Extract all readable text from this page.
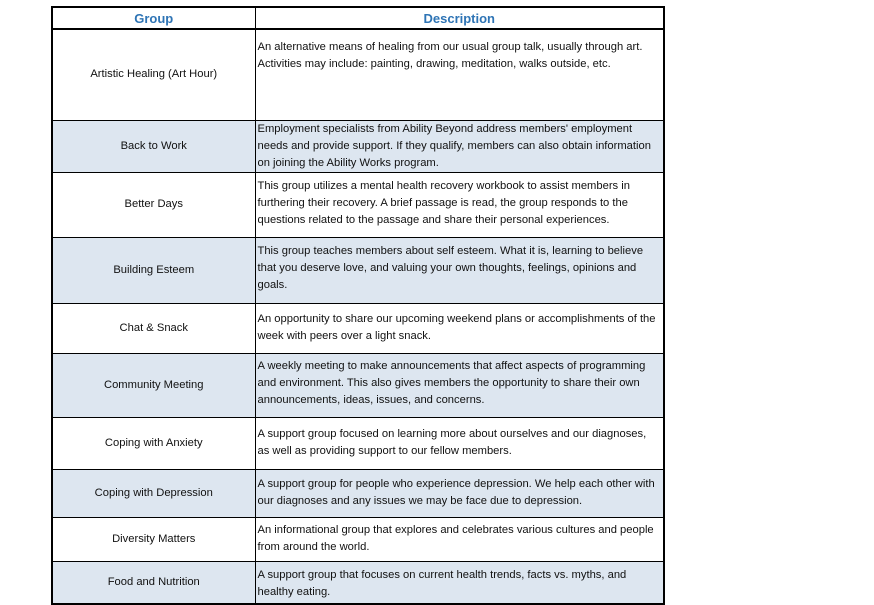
Group	Description
Artistic Healing (Art Hour)	An alternative means of healing from our usual group talk, usually through art. Activities may include: painting, drawing, meditation, walks outside, etc.
Back to Work	Employment specialists from Ability Beyond address members' employment needs and provide support. If they qualify, members can also obtain information on joining the Ability Works program.
Better Days	This group utilizes a mental health recovery workbook to assist members in furthering their recovery. A brief passage is read, the group responds to the questions related to the passage and share their personal experiences.
Building Esteem	This group teaches members about self esteem. What it is, learning to believe that you deserve love, and valuing your own thoughts, feelings, opinions and goals.
Chat & Snack	An opportunity to share our upcoming weekend plans or accomplishments of the week with peers over a light snack.
Community Meeting	A weekly meeting to make announcements that affect aspects of programming and environment. This also gives members the opportunity to share their own announcements, ideas, issues, and concerns.
Coping with Anxiety	A support group focused on learning more about ourselves and our diagnoses, as well as providing support to our fellow members.
Coping with Depression	A support group for people who experience depression. We help each other with our diagnoses and any issues we may be face due to depression.
Diversity Matters	An informational group that explores and celebrates various cultures and people from around the world.
Food and Nutrition	A support group that focuses on current health trends, facts vs. myths, and healthy eating.
